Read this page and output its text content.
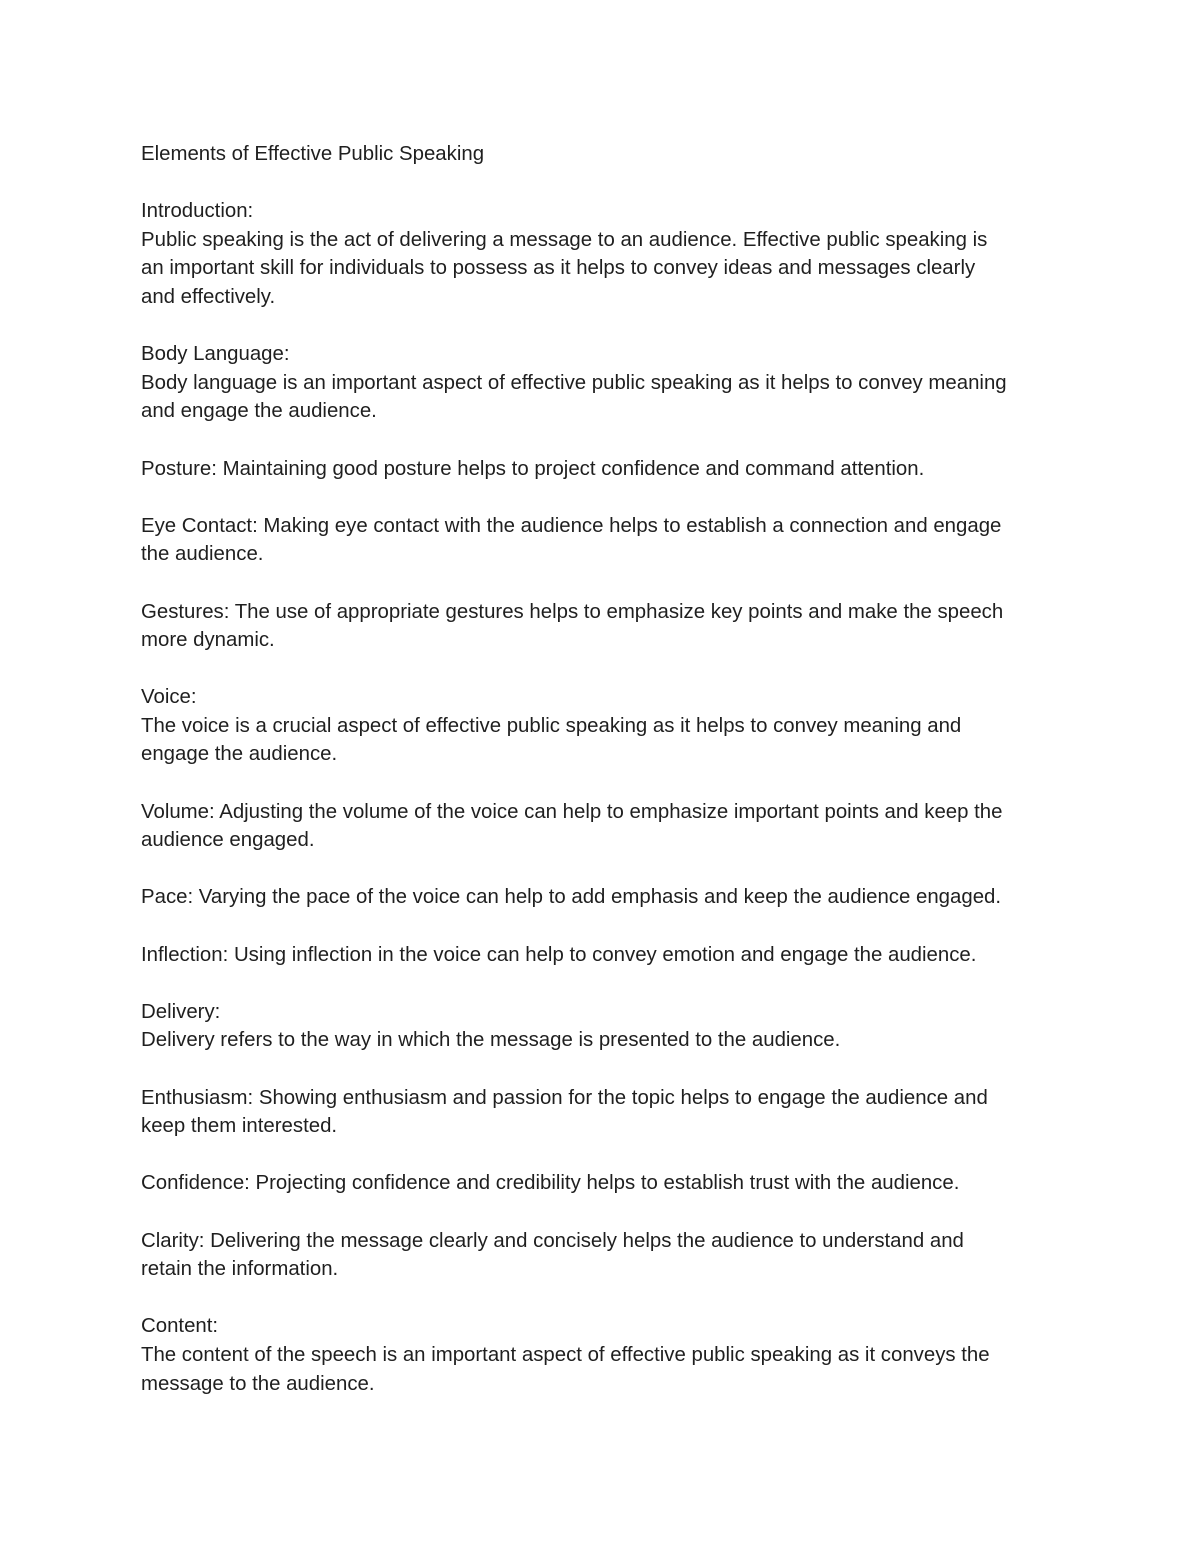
Elements of Effective Public Speaking
Introduction:
Public speaking is the act of delivering a message to an audience. Effective public speaking is
an important skill for individuals to possess as it helps to convey ideas and messages clearly
and effectively.
Body Language:
Body language is an important aspect of effective public speaking as it helps to convey meaning
and engage the audience.
Posture: Maintaining good posture helps to project confidence and command attention.
Eye Contact: Making eye contact with the audience helps to establish a connection and engage
the audience.
Gestures: The use of appropriate gestures helps to emphasize key points and make the speech
more dynamic.
Voice:
The voice is a crucial aspect of effective public speaking as it helps to convey meaning and
engage the audience.
Volume: Adjusting the volume of the voice can help to emphasize important points and keep the
audience engaged.
Pace: Varying the pace of the voice can help to add emphasis and keep the audience engaged.
Inflection: Using inflection in the voice can help to convey emotion and engage the audience.
Delivery:
Delivery refers to the way in which the message is presented to the audience.
Enthusiasm: Showing enthusiasm and passion for the topic helps to engage the audience and
keep them interested.
Confidence: Projecting confidence and credibility helps to establish trust with the audience.
Clarity: Delivering the message clearly and concisely helps the audience to understand and
retain the information.
Content:
The content of the speech is an important aspect of effective public speaking as it conveys the
message to the audience.
